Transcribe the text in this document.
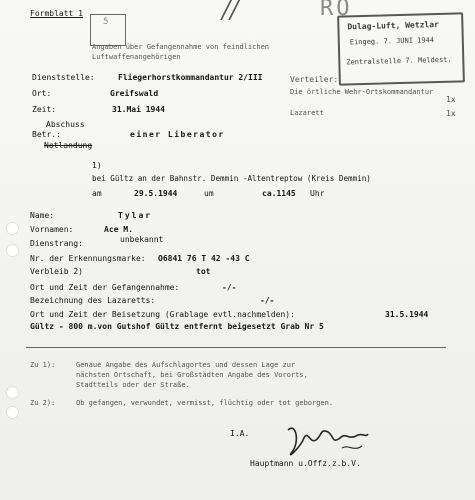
Formblatt 1
5	//	RO
Angaben über Gefangennahme von feindlichen Luftwaffenangehörigen
Dulag-Luft, Wetzlar
Eingeg. 7. JUNI 1944
Zentralstelle 7. Meldest.
Dienststelle:	Fliegerhorstkommandantur 2/III
Ort:	Greifswald
Zeit:	31.Mai 1944
Verteiler:
Die örtliche Wehr-Ortskommandantur
1x
Lazarett	1x
Abschuss
Betr.:	einer Liberator
Notlandung
1)
bei Gültz an der Bahnstr. Demmin -Altentreptow (Kreis Demmin)
am	29.5.1944	um	ca.1145 Uhr
Name:	Tylar
Vornamen:	Ace M.
Dienstrang:	unbekannt
Nr. der Erkennungsmarke: O6841 76 T 42 -43 C
Verbleib 2)	tot
Ort und Zeit der Gefangennahme:	-/-
Bezeichnung des Lazaretts:	-/-
Ort und Zeit der Beisetzung (Grablage evtl.nachmelden):	31.5.1944
Gültz - 800 m.von Gutshof Gültz entfernt beigesetzt Grab Nr 5
Zu 1):	Genaue Angabe des Aufschlagortes und dessen Lage zur
nächsten Ortschaft, bei Großstädten Angabe des Vororts,
Stadtteils oder der Straße.
Zu 2):	Ob gefangen, verwundet, vermisst, flüchtig oder tot geborgen.
I.A.
Hauptmann u.Offz.z.b.V.
